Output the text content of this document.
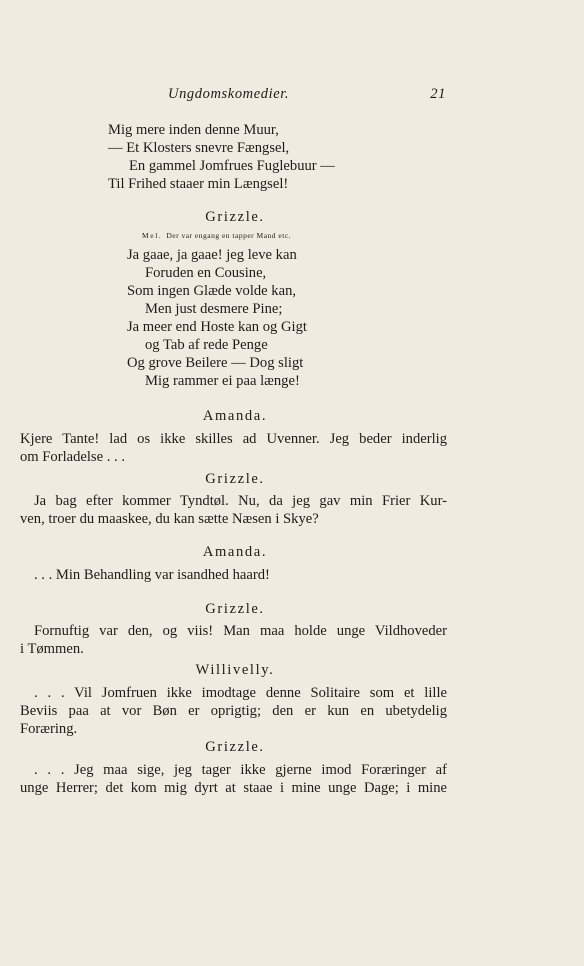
Ungdomskomedier.	21
Mig mere inden denne Muur,
— Et Klosters snevre Fængsel,
En gammel Jomfrues Fuglebuur —
Til Frihed staaer min Længsel!
Grizzle.
Mel. Der var engang en tapper Mand etc.
Ja gaae, ja gaae! jeg leve kan
Foruden en Cousine,
Som ingen Glæde volde kan,
Men just desmere Pine;
Ja meer end Hoste kan og Gigt
og Tab af rede Penge
Og grove Beilere — Dog sligt
Mig rammer ei paa længe!
Amanda.
Kjere Tante! lad os ikke skilles ad Uvenner. Jeg beder inderlig
om Forladelse . . .
Grizzle.
Ja bag efter kommer Tyndtøl. Nu, da jeg gav min Frier Kur-
ven, troer du maaskee, du kan sætte Næsen i Skye?
Amanda.
. . . Min Behandling var isandhed haard!
Grizzle.
Fornuftig var den, og viis! Man maa holde unge Vildhoveder
i Tømmen.
Willivelly.
. . . Vil Jomfruen ikke imodtage denne Solitaire som et lille
Beviis paa at vor Bøn er oprigtig; den er kun en ubetydelig
Foræring.
Grizzle.
. . . Jeg maa sige, jeg tager ikke gjerne imod Foræringer af
unge Herrer; det kom mig dyrt at staae i mine unge Dage; i mine
